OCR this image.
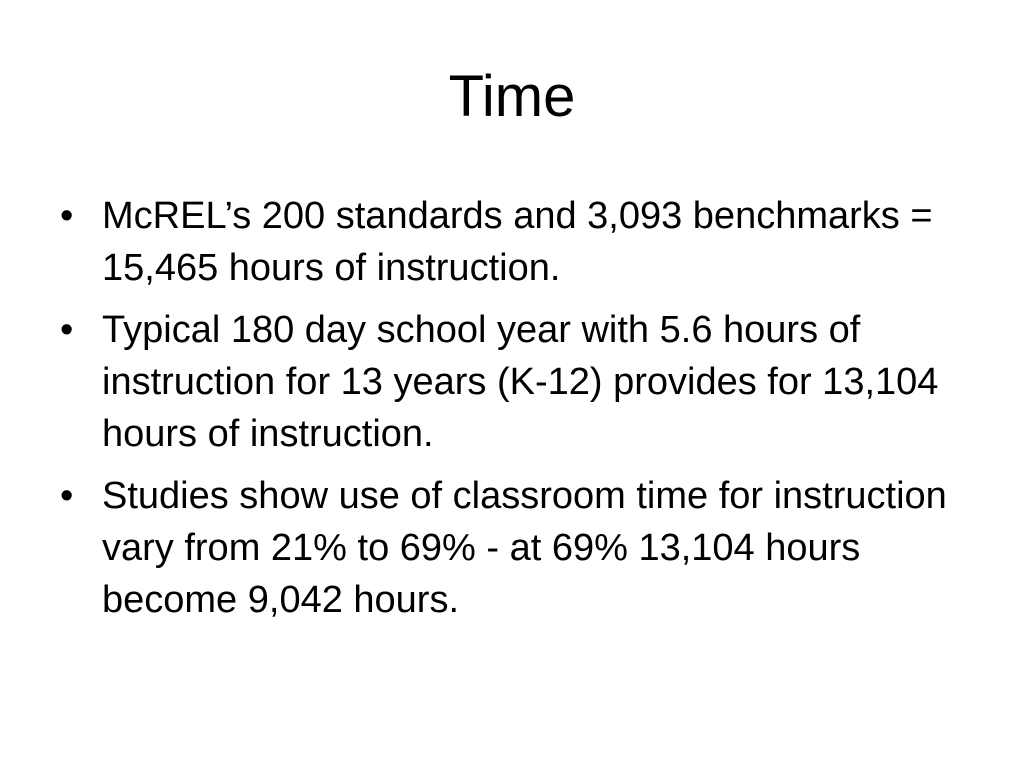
Time
• McREL’s 200 standards and 3,093 benchmarks = 15,465 hours of instruction.
• Typical 180 day school year with 5.6 hours of instruction for 13 years (K-12) provides for 13,104 hours of instruction.
• Studies show use of classroom time for instruction vary from 21% to 69% - at 69% 13,104 hours become 9,042 hours.
